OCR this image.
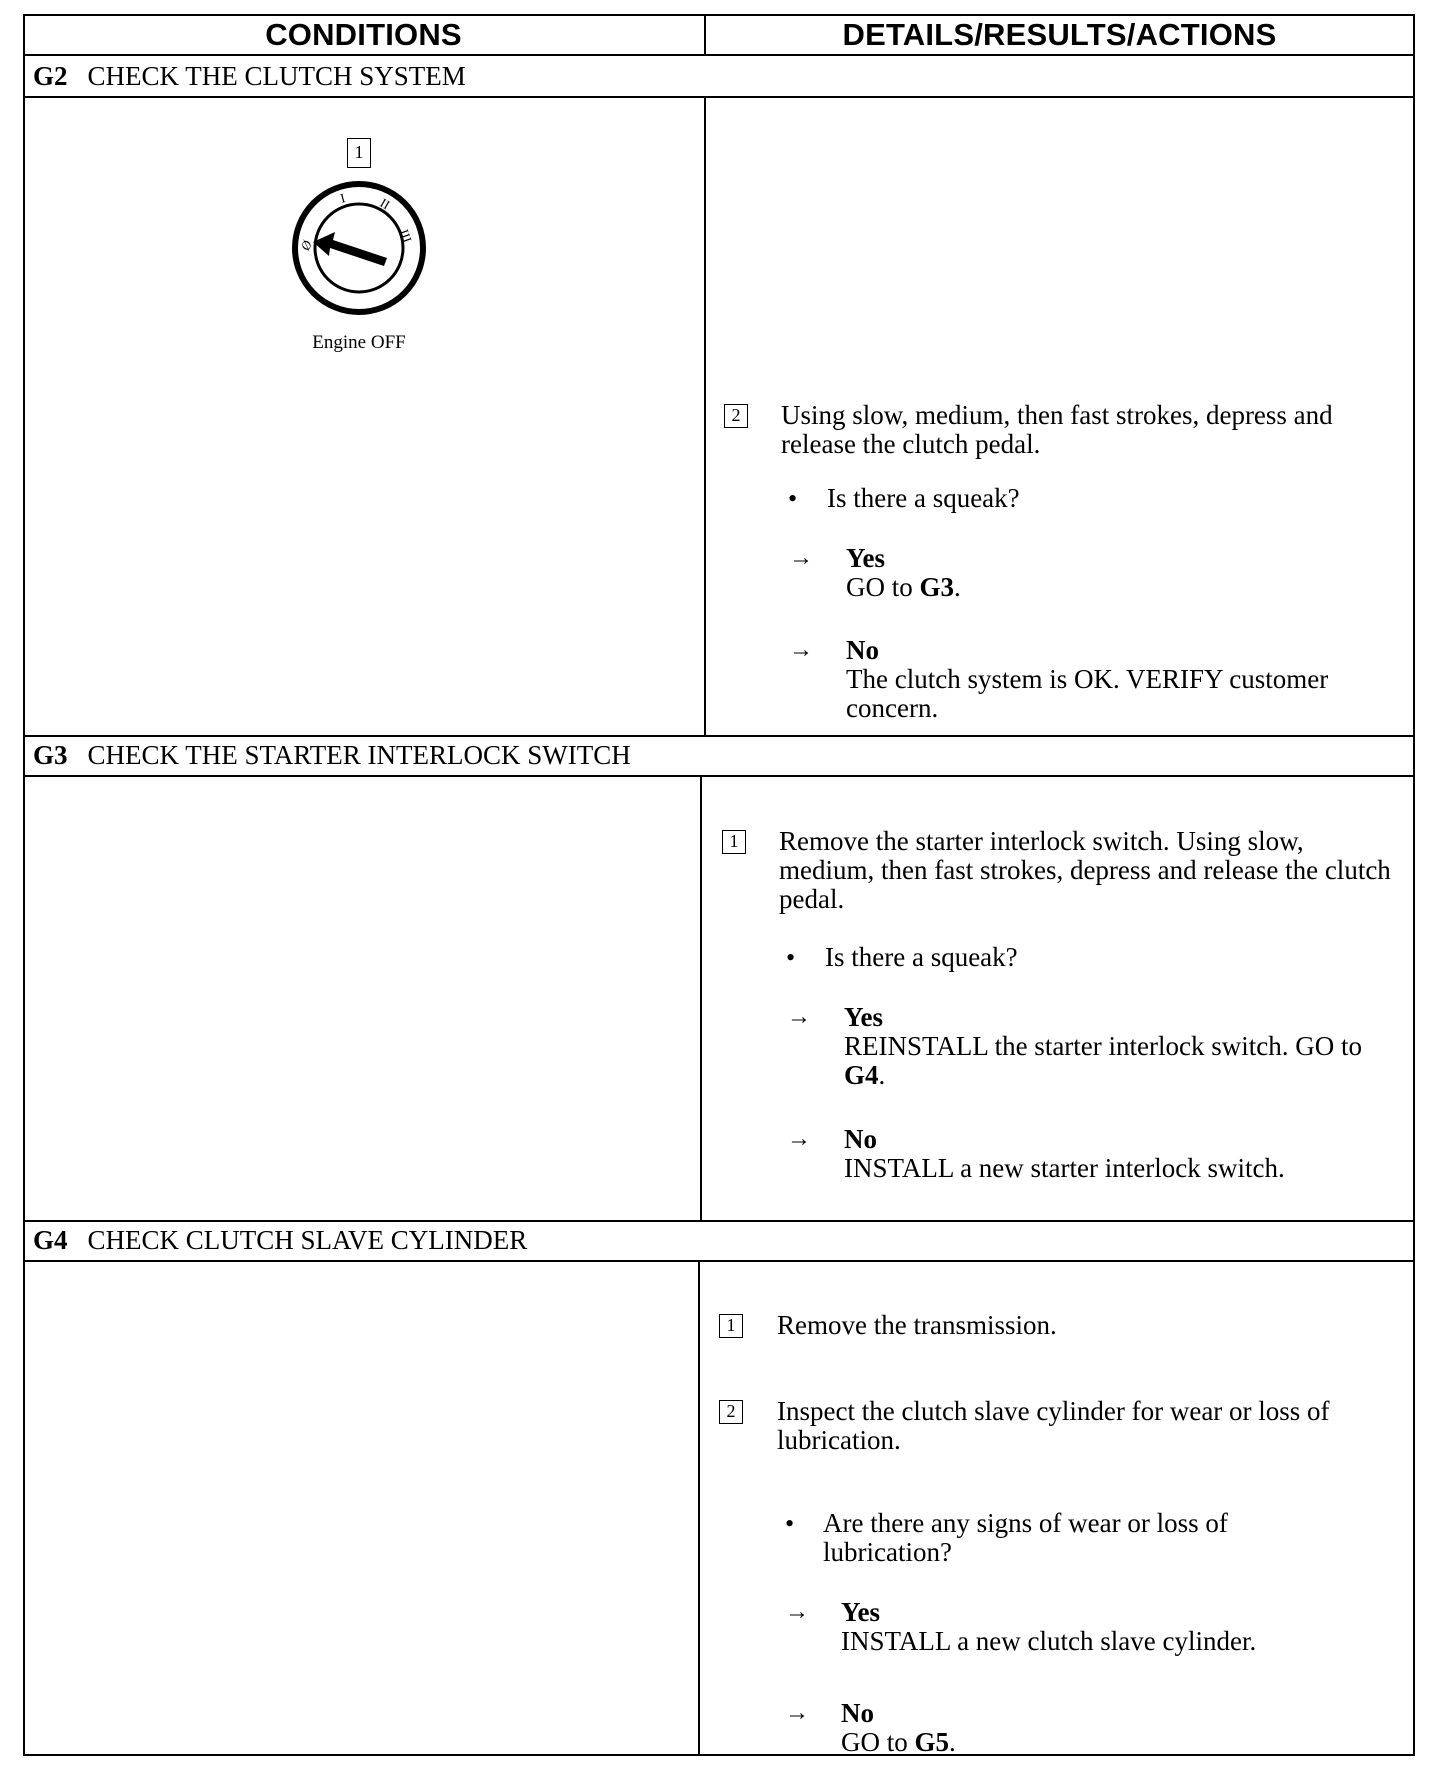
CONDITIONS	DETAILS/RESULTS/ACTIONS
G2 CHECK THE CLUTCH SYSTEM
1
Ø
I II
III
Engine OFF
2 Using slow, medium, then fast strokes, depress and release the clutch pedal.
• Is there a squeak?
→ Yes
GO to G3.
→ No
The clutch system is OK. VERIFY customer concern.
G3 CHECK THE STARTER INTERLOCK SWITCH
1 Remove the starter interlock switch. Using slow, medium, then fast strokes, depress and release the clutch pedal.
• Is there a squeak?
→ Yes
REINSTALL the starter interlock switch. GO to G4.
→ No
INSTALL a new starter interlock switch.
G4 CHECK CLUTCH SLAVE CYLINDER
1 Remove the transmission.
2 Inspect the clutch slave cylinder for wear or loss of lubrication.
• Are there any signs of wear or loss of lubrication?
→ Yes
INSTALL a new clutch slave cylinder.
→ No
GO to G5.
